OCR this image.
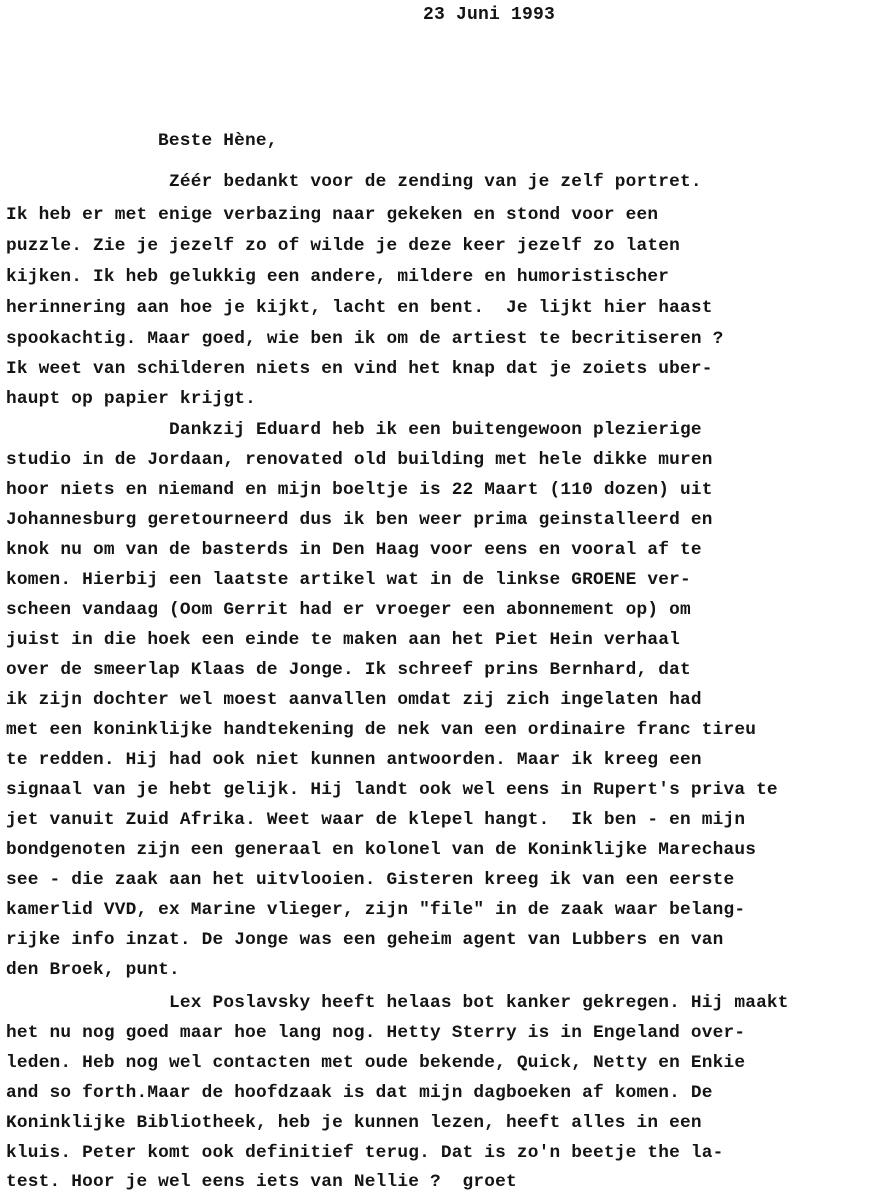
23 Juni 1993
Beste Hène,
Zéér bedankt voor de zending van je zelf portret.
Ik heb er met enige verbazing naar gekeken en stond voor een
puzzle. Zie je jezelf zo of wilde je deze keer jezelf zo laten
kijken. Ik heb gelukkig een andere, mildere en humoristischer
herinnering aan hoe je kijkt, lacht en bent.  Je lijkt hier haast
spookachtig. Maar goed, wie ben ik om de artiest te becritiseren ?
Ik weet van schilderen niets en vind het knap dat je zoiets uber-
haupt op papier krijgt.
Dankzij Eduard heb ik een buitengewoon plezierige
studio in de Jordaan, renovated old building met hele dikke muren
hoor niets en niemand en mijn boeltje is 22 Maart (110 dozen) uit
Johannesburg geretourneerd dus ik ben weer prima geinstalleerd en
knok nu om van de basterds in Den Haag voor eens en vooral af te
komen. Hierbij een laatste artikel wat in de linkse GROENE ver-
scheen vandaag (Oom Gerrit had er vroeger een abonnement op) om
juist in die hoek een einde te maken aan het Piet Hein verhaal
over de smeerlap Klaas de Jonge. Ik schreef prins Bernhard, dat
ik zijn dochter wel moest aanvallen omdat zij zich ingelaten had
met een koninklijke handtekening de nek van een ordinaire franc tireu
te redden. Hij had ook niet kunnen antwoorden. Maar ik kreeg een
signaal van je hebt gelijk. Hij landt ook wel eens in Rupert's priva te
jet vanuit Zuid Afrika. Weet waar de klepel hangt.  Ik ben - en mijn
bondgenoten zijn een generaal en kolonel van de Koninklijke Marechaus
see - die zaak aan het uitvlooien. Gisteren kreeg ik van een eerste
kamerlid VVD, ex Marine vlieger, zijn "file" in de zaak waar belang-
rijke info inzat. De Jonge was een geheim agent van Lubbers en van
den Broek, punt.
Lex Poslavsky heeft helaas bot kanker gekregen. Hij maakt
het nu nog goed maar hoe lang nog. Hetty Sterry is in Engeland over-
leden. Heb nog wel contacten met oude bekende, Quick, Netty en Enkie
and so forth.Maar de hoofdzaak is dat mijn dagboeken af komen. De
Koninklijke Bibliotheek, heb je kunnen lezen, heeft alles in een
kluis. Peter komt ook definitief terug. Dat is zo'n beetje the la-
test. Hoor je wel eens iets van Nellie ?  groet
